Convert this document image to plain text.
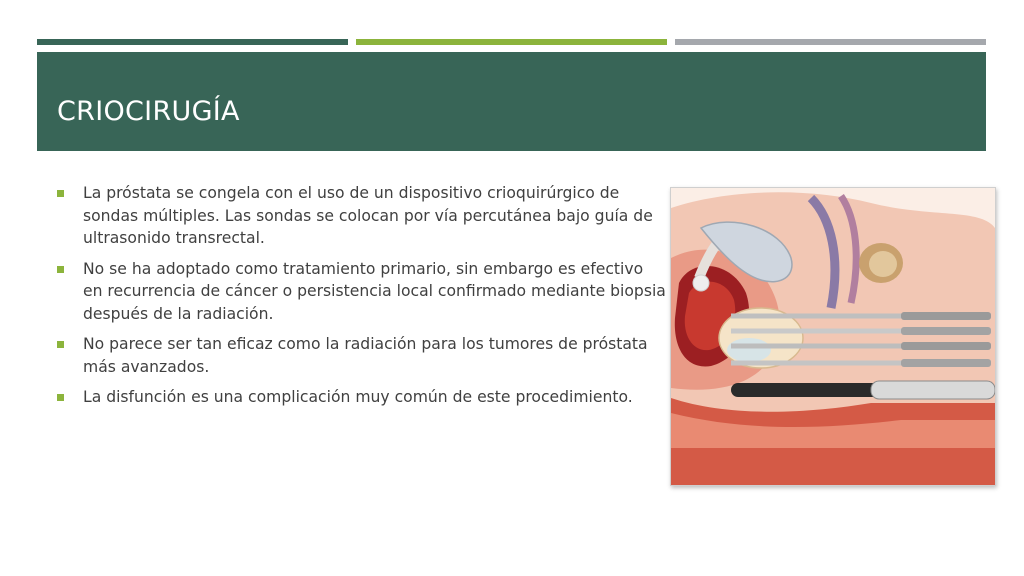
CRIOCIRUGÍA
La próstata se congela con el uso de un dispositivo crioquirúrgico de sondas múltiples. Las sondas se colocan por vía percutánea bajo guía de ultrasonido transrectal.
No se ha adoptado como tratamiento primario, sin embargo es efectivo en recurrencia de cáncer o persistencia local confirmado mediante biopsia después de la radiación.
No parece ser tan eficaz como la radiación para los tumores de próstata más avanzados.
La disfunción es una complicación muy común de este procedimiento.
